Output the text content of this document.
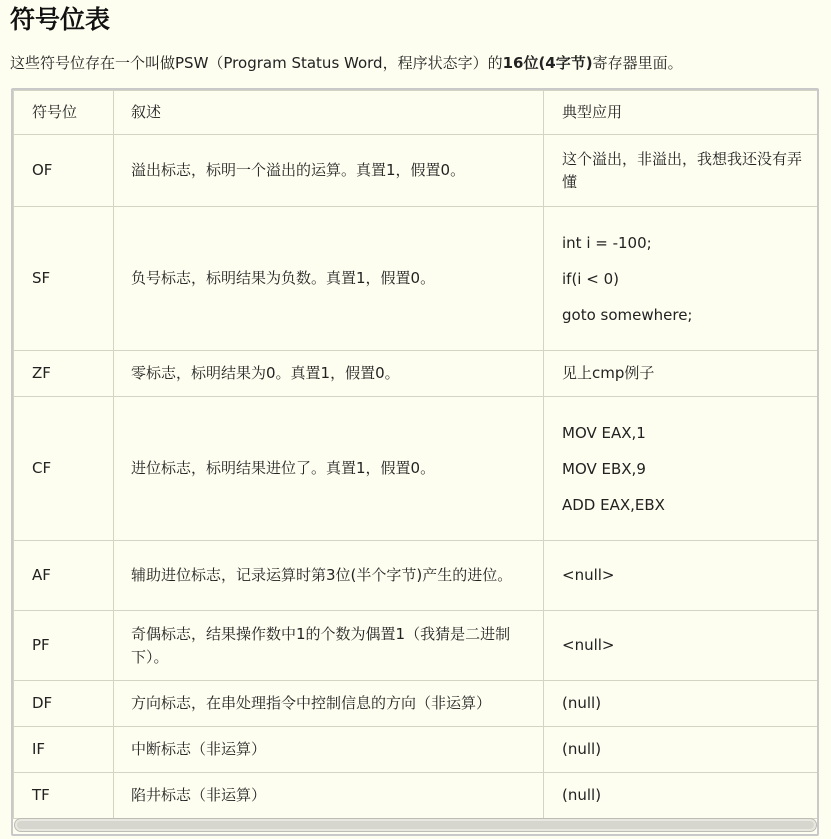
符号位表
这些符号位存在一个叫做PSW（Program Status Word，程序状态字）的16位(4字节)寄存器里面。
符号位	叙述	典型应用
OF	溢出标志，标明一个溢出的运算。真置1，假置0。	这个溢出，非溢出，我想我还没有弄懂
SF	负号标志，标明结果为负数。真置1，假置0。	int i = -100;
if(i < 0)
goto somewhere;

ZF	零标志，标明结果为0。真置1，假置0。	见上cmp例子
CF	进位标志，标明结果进位了。真置1，假置0。	MOV EAX,1
MOV EBX,9
ADD EAX,EBX

AF	辅助进位标志，记录运算时第3位(半个字节)产生的进位。	<null>
PF	奇偶标志，结果操作数中1的个数为偶置1（我猜是二进制下）。	<null>
DF	方向标志，在串处理指令中控制信息的方向（非运算）	(null)
IF	中断标志（非运算）	(null)
TF	陷井标志（非运算）	(null)
